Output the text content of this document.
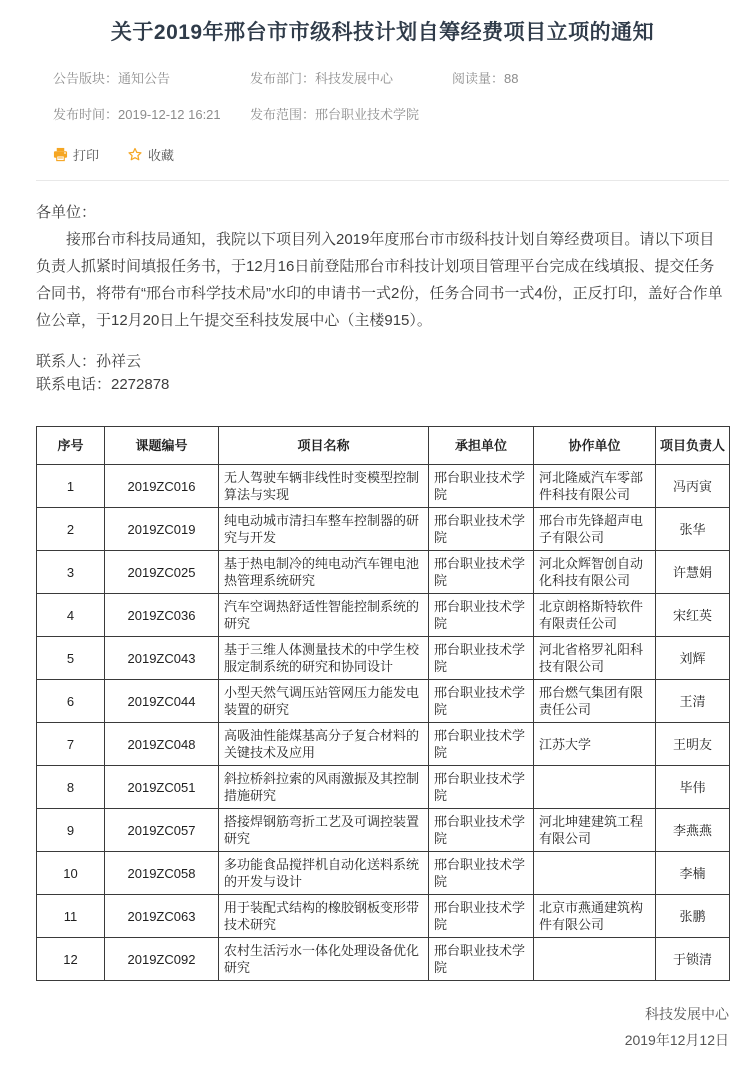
关于2019年邢台市市级科技计划自筹经费项目立项的通知
公告版块：通知公告	发布部门：科技发展中心	阅读量：88
发布时间：2019-12-12 16:21	发布范围：邢台职业技术学院
打印	收藏

各单位：

接邢台市科技局通知，我院以下项目列入2019年度邢台市市级科技计划自筹经费项目。请以下项目负责人抓紧时间填报任务书，于12月16日前登陆邢台市科技计划项目管理平台完成在线填报、提交任务合同书，将带有“邢台市科学技术局”水印的申请书一式2份，任务合同书一式4份，正反打印，盖好合作单位公章，于12月20日上午提交至科技发展中心（主楼915）。

联系人：孙祥云
联系电话：2272878
序号	课题编号	项目名称	承担单位	协作单位	项目负责人
1	2019ZC016	无人驾驶车辆非线性时变模型控制算法与实现	邢台职业技术学院	河北隆威汽车零部件科技有限公司	冯丙寅
2	2019ZC019	纯电动城市清扫车整车控制器的研究与开发	邢台职业技术学院	邢台市先锋超声电子有限公司	张华
3	2019ZC025	基于热电制冷的纯电动汽车锂电池热管理系统研究	邢台职业技术学院	河北众辉智创自动化科技有限公司	许慧娟
4	2019ZC036	汽车空调热舒适性智能控制系统的研究	邢台职业技术学院	北京朗格斯特软件有限责任公司	宋红英
5	2019ZC043	基于三维人体测量技术的中学生校服定制系统的研究和协同设计	邢台职业技术学院	河北省格罗礼阳科技有限公司	刘辉
6	2019ZC044	小型天然气调压站管网压力能发电装置的研究	邢台职业技术学院	邢台燃气集团有限责任公司	王清
7	2019ZC048	高吸油性能煤基高分子复合材料的关键技术及应用	邢台职业技术学院	江苏大学	王明友
8	2019ZC051	斜拉桥斜拉索的风雨激振及其控制措施研究	邢台职业技术学院		毕伟
9	2019ZC057	搭接焊钢筋弯折工艺及可调控装置研究	邢台职业技术学院	河北坤建建筑工程有限公司	李燕燕
10	2019ZC058	多功能食品搅拌机自动化送料系统的开发与设计	邢台职业技术学院		李楠
11	2019ZC063	用于装配式结构的橡胶钢板变形带技术研究	邢台职业技术学院	北京市燕通建筑构件有限公司	张鹏
12	2019ZC092	农村生活污水一体化处理设备优化研究	邢台职业技术学院		于锁清
科技发展中心
2019年12月12日
